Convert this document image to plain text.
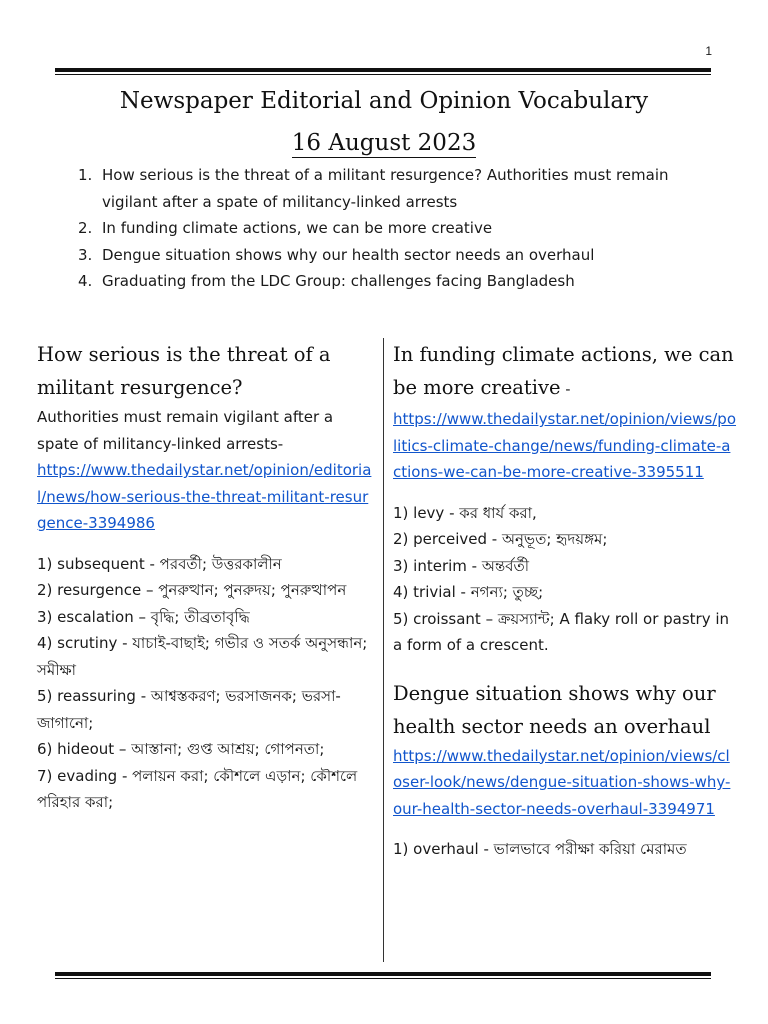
1
Newspaper Editorial and Opinion Vocabulary
16 August 2023
1. How serious is the threat of a militant resurgence? Authorities must remain vigilant after a spate of militancy-linked arrests
2. In funding climate actions, we can be more creative
3. Dengue situation shows why our health sector needs an overhaul
4. Graduating from the LDC Group: challenges facing Bangladesh
How serious is the threat of a militant resurgence?
Authorities must remain vigilant after a spate of militancy-linked arrests-
https://www.thedailystar.net/opinion/editorial/news/how-serious-the-threat-militant-resurgence-3394986
1) subsequent - পরবর্তী; উত্তরকালীন
2) resurgence – পুনরুত্থান; পুনরুদয়; পুনরুত্থাপন
3) escalation – বৃদ্ধি; তীব্রতাবৃদ্ধি
4) scrutiny - যাচাই-বাছাই; গভীর ও সতর্ক অনুসন্ধান; সমীক্ষা
5) reassuring - আশ্বস্তকরণ; ভরসাজনক; ভরসা-জাগানো;
6) hideout – আস্তানা; গুপ্ত আশ্রয়; গোপনতা;
7) evading - পলায়ন করা; কৌশলে এড়ান; কৌশলে পরিহার করা;
In funding climate actions, we can be more creative -
https://www.thedailystar.net/opinion/views/politics-climate-change/news/funding-climate-actions-we-can-be-more-creative-3395511
1) levy - কর ধার্য করা,
2) perceived - অনুভূত; হৃদয়ঙ্গম;
3) interim - অন্তর্বর্তী
4) trivial - নগন্য; তুচ্ছ;
5) croissant – ক্রয়স্যান্ট; A flaky roll or pastry in a form of a crescent.
Dengue situation shows why our health sector needs an overhaul
https://www.thedailystar.net/opinion/views/closer-look/news/dengue-situation-shows-why-our-health-sector-needs-overhaul-3394971
1) overhaul - ভালভাবে পরীক্ষা করিয়া মেরামত
